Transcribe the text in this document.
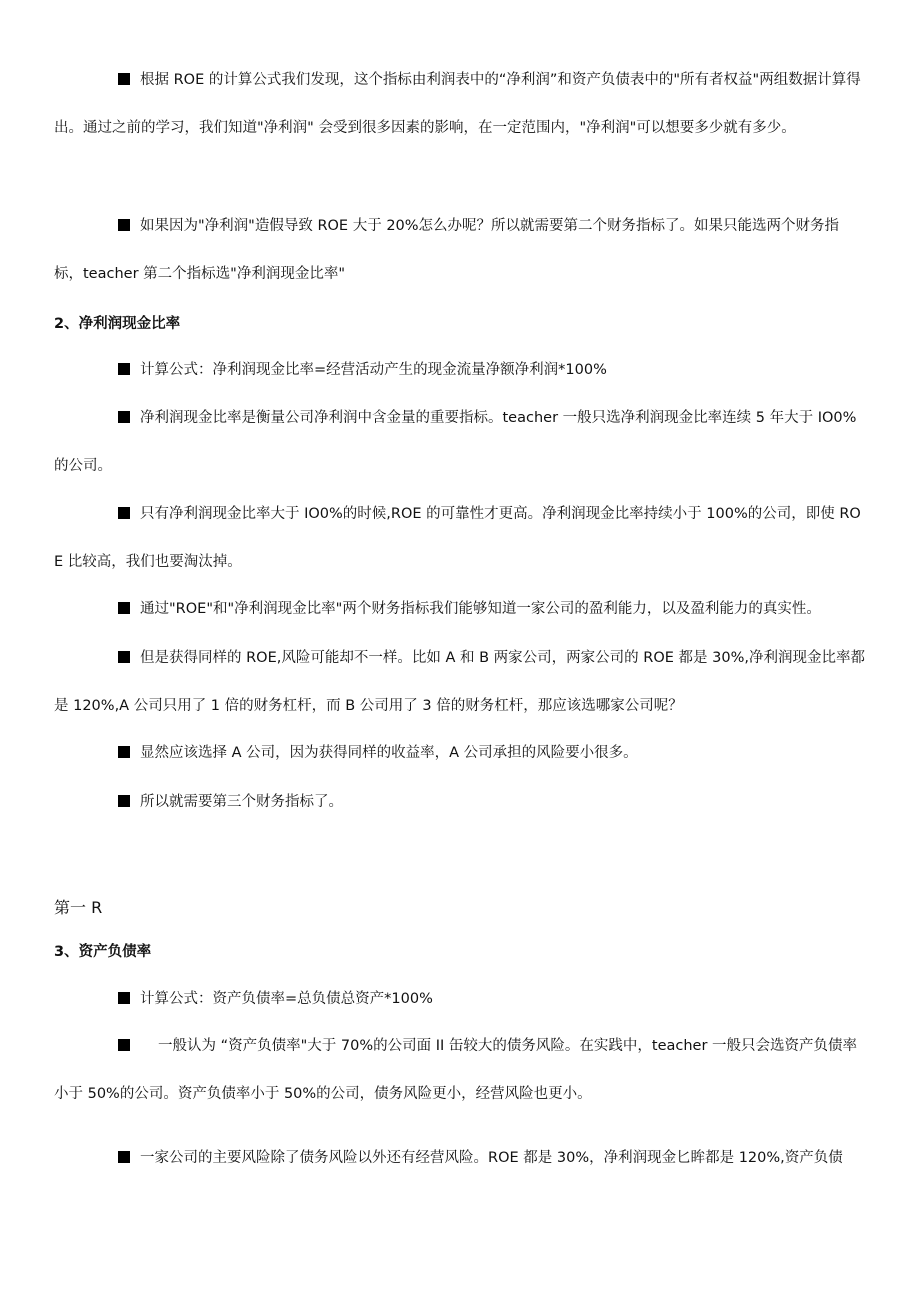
根据 ROE 的计算公式我们发现，这个指标由利润表中的“净利润”和资产负债表中的"所有者权益"两组数据计算得出。通过之前的学习，我们知道"净利润" 会受到很多因素的影响，在一定范围内，"净利润"可以想要多少就有多少。

如果因为"净利润"造假导致 ROE 大于 20%怎么办呢？所以就需要第二个财务指标了。如果只能选两个财务指标，teacher 第二个指标选"净利润现金比率"

2、净利润现金比率
计算公式：净利润现金比率=经营活动产生的现金流量净额净利润*100%

净利润现金比率是衡量公司净利润中含金量的重要指标。teacher 一般只选净利润现金比率连续 5 年大于 IO0%的公司。

只有净利润现金比率大于 IO0%的时候,ROE 的可靠性才更高。净利润现金比率持续小于 100%的公司，即使 ROE 比较高，我们也要淘汰掉。

通过"ROE"和"净利润现金比率"两个财务指标我们能够知道一家公司的盈利能力，以及盈利能力的真实性。

但是获得同样的 ROE,风险可能却不一样。比如 A 和 B 两家公司，两家公司的 ROE 都是 30%,净利润现金比率都是 120%,A 公司只用了 1 倍的财务杠杆，而 B 公司用了 3 倍的财务杠杆，那应该选哪家公司呢？

显然应该选择 A 公司，因为获得同样的收益率，A 公司承担的风险要小很多。
所以就需要第三个财务指标了。
第一 R
3、资产负债率
计算公式：资产负债率=总负债总资产*100%

一般认为 “资产负债率"大于 70%的公司面 II 缶较大的债务风险。在实践中，teacher 一般只会选资产负债率小于 50%的公司。资产负债率小于 50%的公司，债务风险更小，经营风险也更小。

一家公司的主要风险除了债务风险以外还有经营风险。ROE 都是 30%，净利润现金匕眸都是 120%,资产负债
